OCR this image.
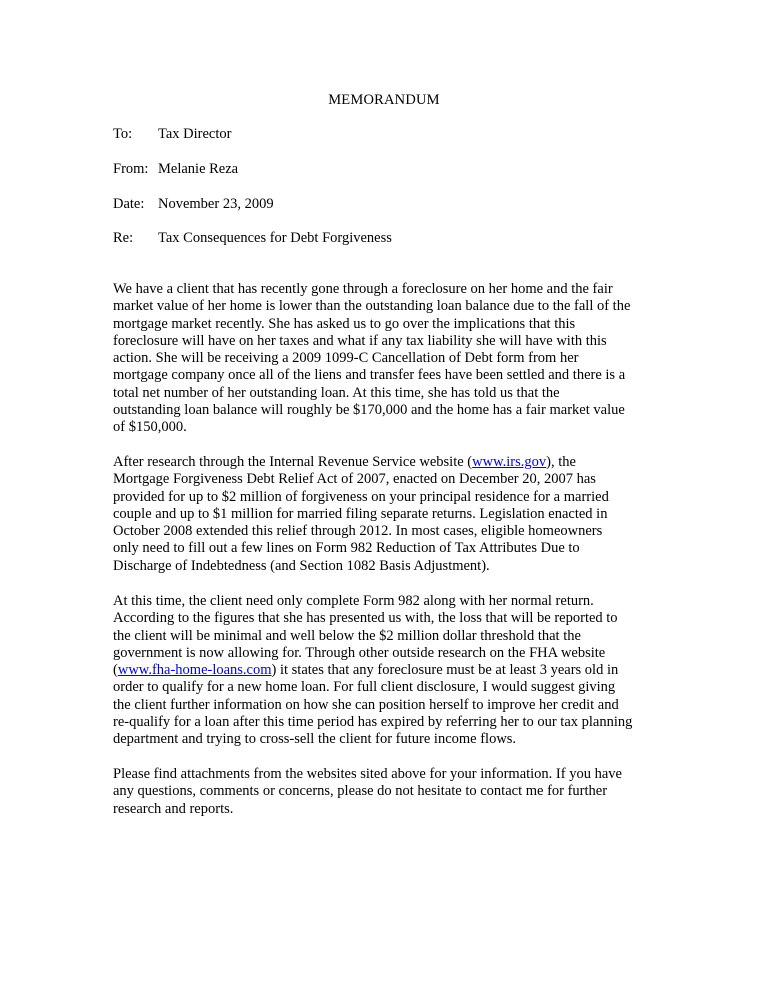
MEMORANDUM
To: Tax Director
From: Melanie Reza
Date: November 23, 2009
Re: Tax Consequences for Debt Forgiveness
We have a client that has recently gone through a foreclosure on her home and the fair
market value of her home is lower than the outstanding loan balance due to the fall of the
mortgage market recently. She has asked us to go over the implications that this
foreclosure will have on her taxes and what if any tax liability she will have with this
action. She will be receiving a 2009 1099-C Cancellation of Debt form from her
mortgage company once all of the liens and transfer fees have been settled and there is a
total net number of her outstanding loan. At this time, she has told us that the
outstanding loan balance will roughly be $170,000 and the home has a fair market value
of $150,000.
After research through the Internal Revenue Service website (www.irs.gov), the
Mortgage Forgiveness Debt Relief Act of 2007, enacted on December 20, 2007 has
provided for up to $2 million of forgiveness on your principal residence for a married
couple and up to $1 million for married filing separate returns. Legislation enacted in
October 2008 extended this relief through 2012. In most cases, eligible homeowners
only need to fill out a few lines on Form 982 Reduction of Tax Attributes Due to
Discharge of Indebtedness (and Section 1082 Basis Adjustment).
At this time, the client need only complete Form 982 along with her normal return.
According to the figures that she has presented us with, the loss that will be reported to
the client will be minimal and well below the $2 million dollar threshold that the
government is now allowing for. Through other outside research on the FHA website
(www.fha-home-loans.com) it states that any foreclosure must be at least 3 years old in
order to qualify for a new home loan. For full client disclosure, I would suggest giving
the client further information on how she can position herself to improve her credit and
re-qualify for a loan after this time period has expired by referring her to our tax planning
department and trying to cross-sell the client for future income flows.
Please find attachments from the websites sited above for your information. If you have
any questions, comments or concerns, please do not hesitate to contact me for further
research and reports.
